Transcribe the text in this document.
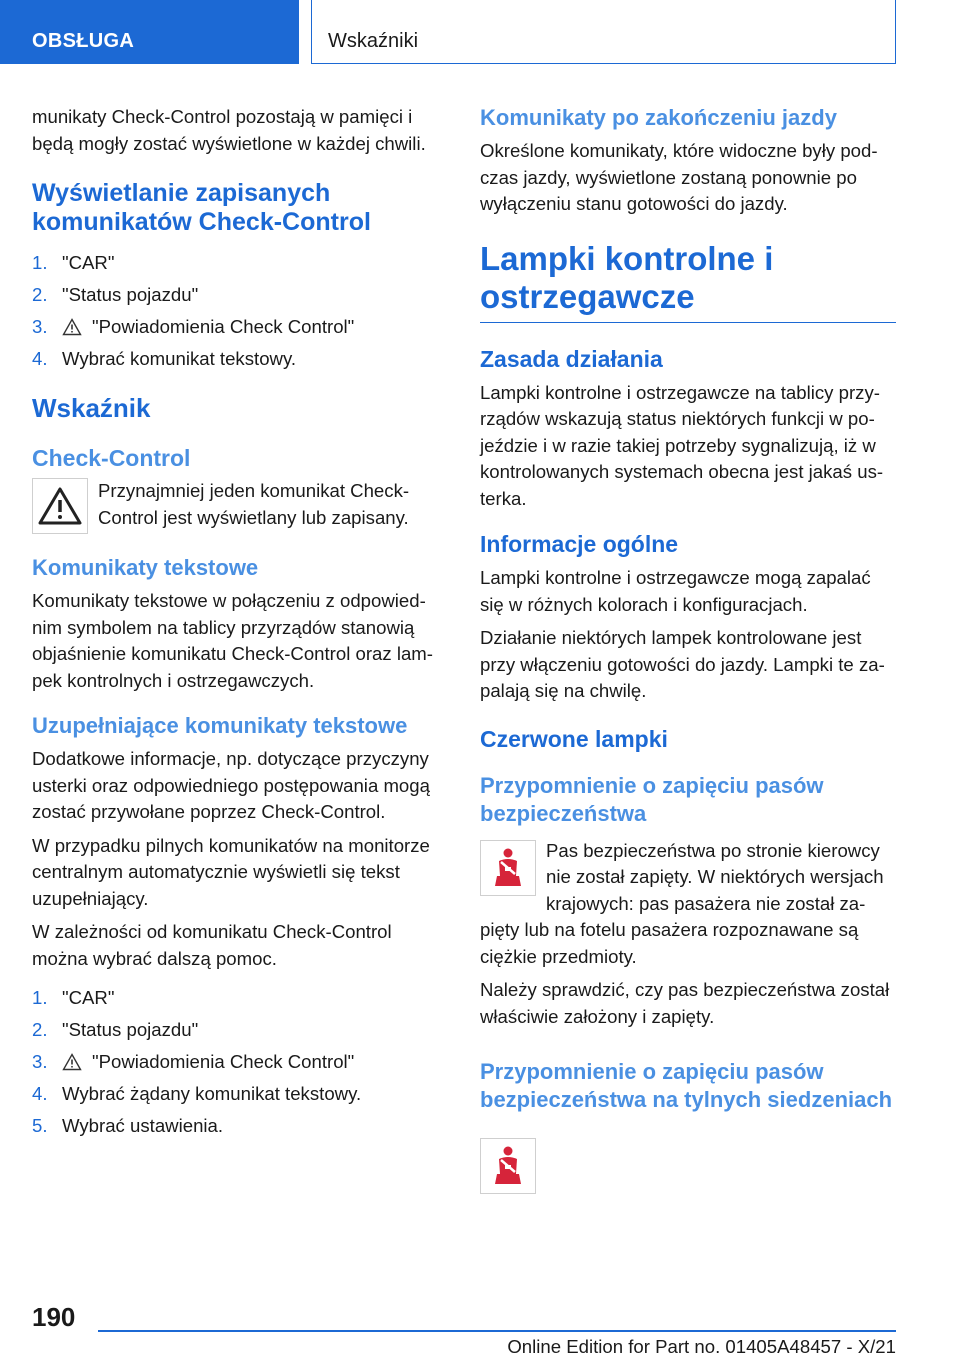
OBSŁUGA	Wskaźniki

munikaty Check-Control pozostają w pamięci i będą mogły zostać wyświetlone w każdej chwili.

Wyświetlanie zapisanych komunikatów Check-Control
1. "CAR"
2. "Status pojazdu"
3.	"Powiadomienia Check Control"
4. Wybrać komunikat tekstowy.
Wskaźnik
Check-Control
Przynajmniej jeden komunikat Check-Control jest wyświetlany lub zapisany.
Komunikaty tekstowe

Komunikaty tekstowe w połączeniu z odpowied-nim symbolem na tablicy przyrządów stanowią objaśnienie komunikatu Check-Control oraz lam-pek kontrolnych i ostrzegawczych.

Uzupełniające komunikaty tekstowe

Dodatkowe informacje, np. dotyczące przyczyny usterki oraz odpowiedniego postępowania mogą zostać przywołane poprzez Check-Control.

W przypadku pilnych komunikatów na monitorze centralnym automatycznie wyświetli się tekst uzupełniający.

W zależności od komunikatu Check-Control można wybrać dalszą pomoc.

1. "CAR"
2. "Status pojazdu"
3.	"Powiadomienia Check Control"
4. Wybrać żądany komunikat tekstowy.
5. Wybrać ustawienia.
Komunikaty po zakończeniu jazdy

Określone komunikaty, które widoczne były pod-czas jazdy, wyświetlone zostaną ponownie po wyłączeniu stanu gotowości do jazdy.

Lampki kontrolne i ostrzegawcze
Zasada działania

Lampki kontrolne i ostrzegawcze na tablicy przy-rządów wskazują status niektórych funkcji w po-jeździe i w razie takiej potrzeby sygnalizują, iż w kontrolowanych systemach obecna jest jakaś us-terka.

Informacje ogólne

Lampki kontrolne i ostrzegawcze mogą zapalać się w różnych kolorach i konfiguracjach.

Działanie niektórych lampek kontrolowane jest przy włączeniu gotowości do jazdy. Lampki te za-palają się na chwilę.

Czerwone lampki
Przypomnienie o zapięciu pasów bezpieczeństwa

Pas bezpieczeństwa po stronie kierowcy nie został zapięty. W niektórych wersjach krajowych: pas pasażera nie został za-pięty lub na fotelu pasażera rozpoznawane są ciężkie przedmioty.

Należy sprawdzić, czy pas bezpieczeństwa został właściwie założony i zapięty.

Przypomnienie o zapięciu pasów bezpieczeństwa na tylnych siedzeniach
190
Online Edition for Part no. 01405A48457 - X/21
